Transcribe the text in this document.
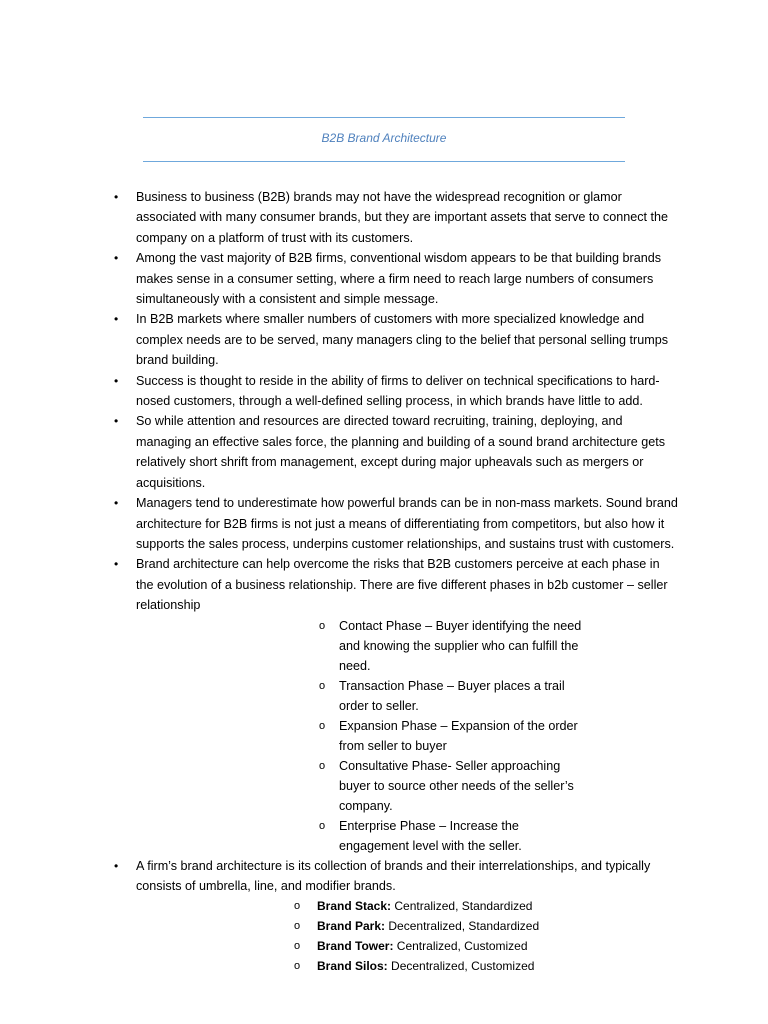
B2B Brand Architecture
• Business to business (B2B) brands may not have the widespread recognition or glamor associated with many consumer brands, but they are important assets that serve to connect the company on a platform of trust with its customers.
• Among the vast majority of B2B firms, conventional wisdom appears to be that building brands makes sense in a consumer setting, where a firm need to reach large numbers of consumers simultaneously with a consistent and simple message.
• In B2B markets where smaller numbers of customers with more specialized knowledge and complex needs are to be served, many managers cling to the belief that personal selling trumps brand building.
• Success is thought to reside in the ability of firms to deliver on technical specifications to hard-nosed customers, through a well-defined selling process, in which brands have little to add.
• So while attention and resources are directed toward recruiting, training, deploying, and managing an effective sales force, the planning and building of a sound brand architecture gets relatively short shrift from management, except during major upheavals such as mergers or acquisitions.
• Managers tend to underestimate how powerful brands can be in non-mass markets. Sound brand architecture for B2B firms is not just a means of differentiating from competitors, but also how it supports the sales process, underpins customer relationships, and sustains trust with customers.
• Brand architecture can help overcome the risks that B2B customers perceive at each phase in the evolution of a business relationship. There are five different phases in b2b customer – seller relationship
o Contact Phase – Buyer identifying the need and knowing the supplier who can fulfill the need.
o Transaction Phase – Buyer places a trail order to seller.
o Expansion Phase – Expansion of the order from seller to buyer
o Consultative Phase- Seller approaching buyer to source other needs of the seller’s company.
o Enterprise Phase – Increase the engagement level with the seller.
• A firm’s brand architecture is its collection of brands and their interrelationships, and typically consists of umbrella, line, and modifier brands.
o Brand Stack: Centralized, Standardized
o Brand Park: Decentralized, Standardized
o Brand Tower: Centralized, Customized
o Brand Silos: Decentralized, Customized
